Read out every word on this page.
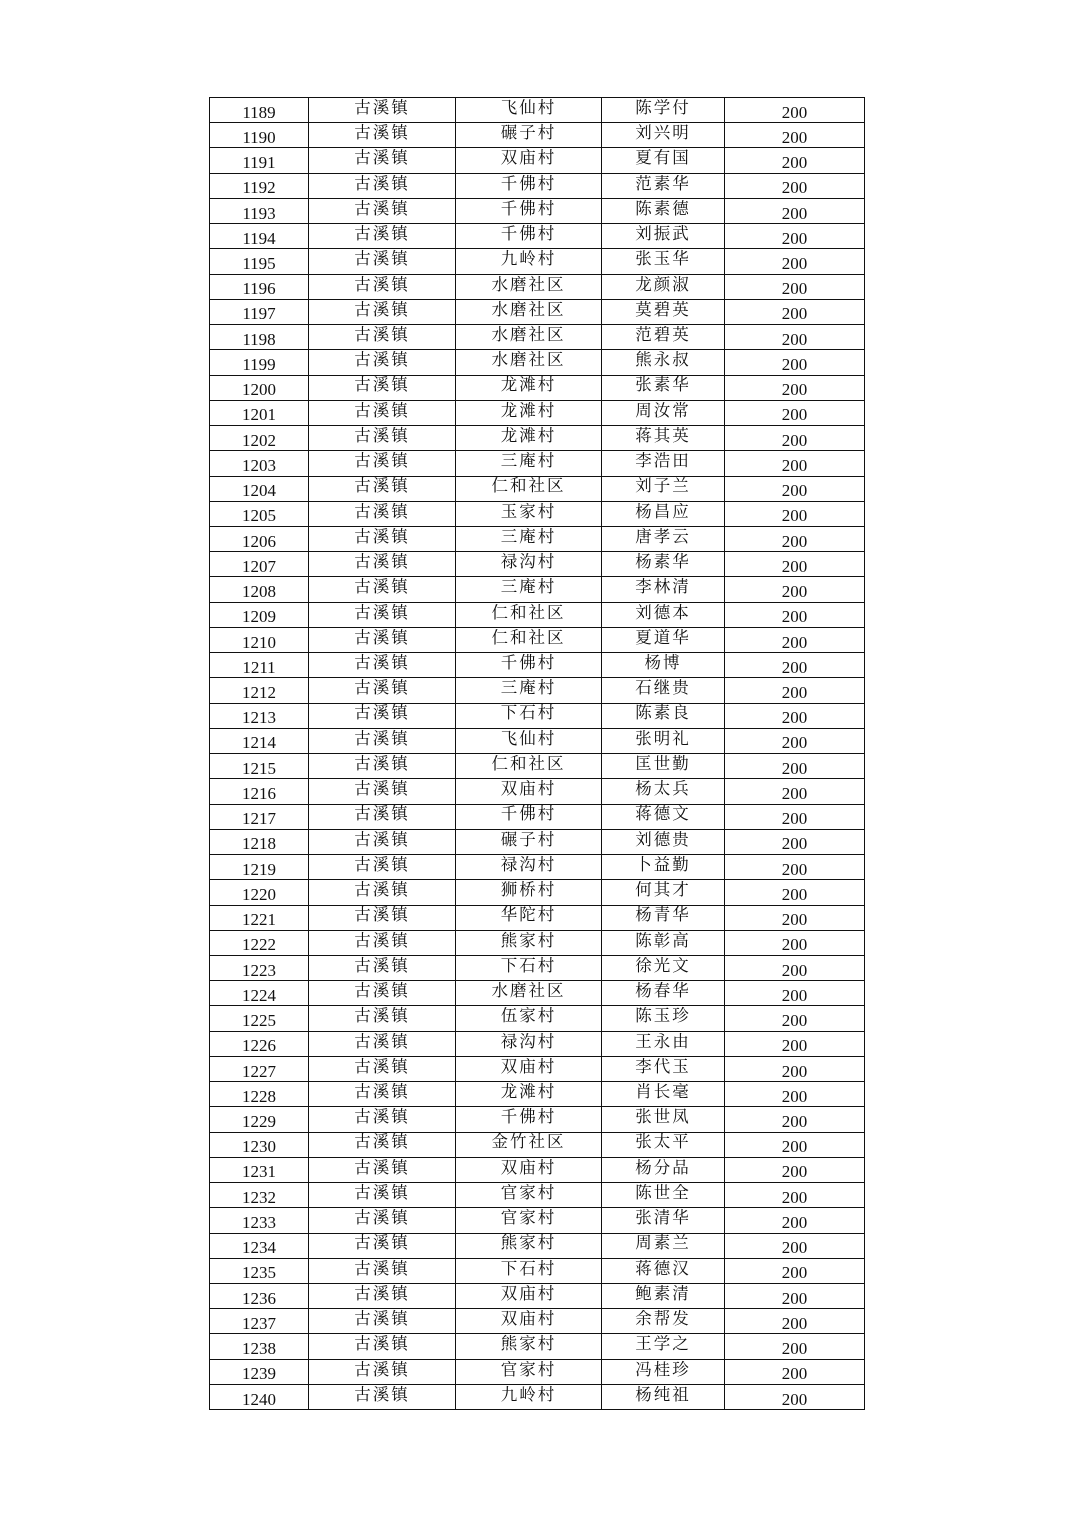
1189	古溪镇	飞仙村	陈学付	200
1190	古溪镇	碾子村	刘兴明	200
1191	古溪镇	双庙村	夏有国	200
1192	古溪镇	千佛村	范素华	200
1193	古溪镇	千佛村	陈素德	200
1194	古溪镇	千佛村	刘振武	200
1195	古溪镇	九岭村	张玉华	200
1196	古溪镇	水磨社区	龙颜淑	200
1197	古溪镇	水磨社区	莫碧英	200
1198	古溪镇	水磨社区	范碧英	200
1199	古溪镇	水磨社区	熊永叔	200
1200	古溪镇	龙滩村	张素华	200
1201	古溪镇	龙滩村	周汝常	200
1202	古溪镇	龙滩村	蒋其英	200
1203	古溪镇	三庵村	李浩田	200
1204	古溪镇	仁和社区	刘子兰	200
1205	古溪镇	玉家村	杨昌应	200
1206	古溪镇	三庵村	唐孝云	200
1207	古溪镇	禄沟村	杨素华	200
1208	古溪镇	三庵村	李林清	200
1209	古溪镇	仁和社区	刘德本	200
1210	古溪镇	仁和社区	夏道华	200
1211	古溪镇	千佛村	杨博	200
1212	古溪镇	三庵村	石继贵	200
1213	古溪镇	下石村	陈素良	200
1214	古溪镇	飞仙村	张明礼	200
1215	古溪镇	仁和社区	匡世勤	200
1216	古溪镇	双庙村	杨太兵	200
1217	古溪镇	千佛村	蒋德文	200
1218	古溪镇	碾子村	刘德贵	200
1219	古溪镇	禄沟村	卜益勤	200
1220	古溪镇	狮桥村	何其才	200
1221	古溪镇	华陀村	杨青华	200
1222	古溪镇	熊家村	陈彰高	200
1223	古溪镇	下石村	徐光文	200
1224	古溪镇	水磨社区	杨春华	200
1225	古溪镇	伍家村	陈玉珍	200
1226	古溪镇	禄沟村	王永由	200
1227	古溪镇	双庙村	李代玉	200
1228	古溪镇	龙滩村	肖长毫	200
1229	古溪镇	千佛村	张世凤	200
1230	古溪镇	金竹社区	张太平	200
1231	古溪镇	双庙村	杨分品	200
1232	古溪镇	官家村	陈世全	200
1233	古溪镇	官家村	张清华	200
1234	古溪镇	熊家村	周素兰	200
1235	古溪镇	下石村	蒋德汉	200
1236	古溪镇	双庙村	鲍素清	200
1237	古溪镇	双庙村	余帮发	200
1238	古溪镇	熊家村	王学之	200
1239	古溪镇	官家村	冯桂珍	200
1240	古溪镇	九岭村	杨纯祖	200
